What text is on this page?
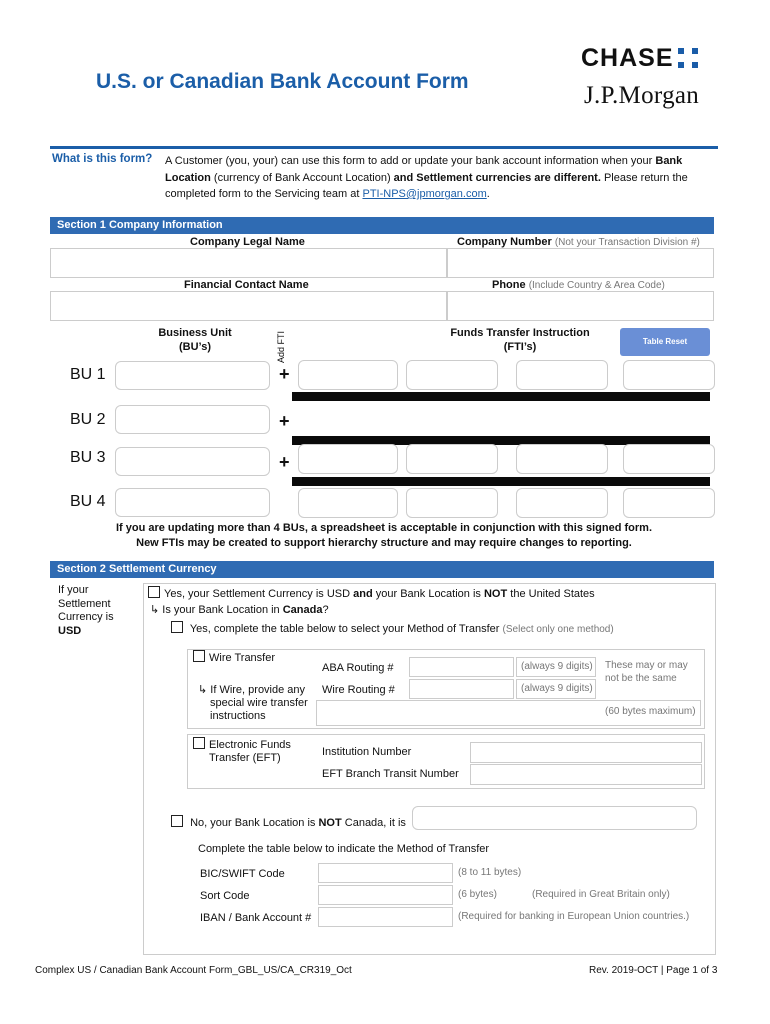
U.S. or Canadian Bank Account Form
CHASE
J.P.Morgan
What is this form? A Customer (you, your) can use this form to add or update your bank account information when your Bank Location (currency of Bank Account Location) and Settlement currencies are different. Please return the completed form to the Servicing team at PTI-NPS@jpmorgan.com.
Section 1 Company Information
Company Legal Name	Company Number (Not your Transaction Division #)
Financial Contact Name	Phone (Include Country & Area Code)
Business Unit
(BU’s)	Add FTI	Funds Transfer Instruction
(FTI’s)	Table Reset
BU 1	+
BU 2	+
BU 3	+
BU 4
If you are updating more than 4 BUs, a spreadsheet is acceptable in conjunction with this signed form.
New FTIs may be created to support hierarchy structure and may require changes to reporting.
Section 2 Settlement Currency
If your
Settlement
Currency is
USD
Yes, your Settlement Currency is USD and your Bank Location is NOT the United States
↳ Is your Bank Location in Canada?
Yes, complete the table below to select your Method of Transfer (Select only one method)
Wire Transfer
ABA Routing #	(always 9 digits)	These may or may
not be the same
↳ If Wire, provide any
special wire transfer
instructions
Wire Routing #	(always 9 digits)
(60 bytes maximum)
Electronic Funds
Transfer (EFT)	Institution Number
EFT Branch Transit Number
No, your Bank Location is NOT Canada, it is
Complete the table below to indicate the Method of Transfer
BIC/SWIFT Code	(8 to 11 bytes)
Sort Code	(6 bytes)	(Required in Great Britain only)
IBAN / Bank Account #	(Required for banking in European Union countries.)
Complex US / Canadian Bank Account Form_GBL_US/CA_CR319_Oct	Rev. 2019-OCT | Page 1 of 3
